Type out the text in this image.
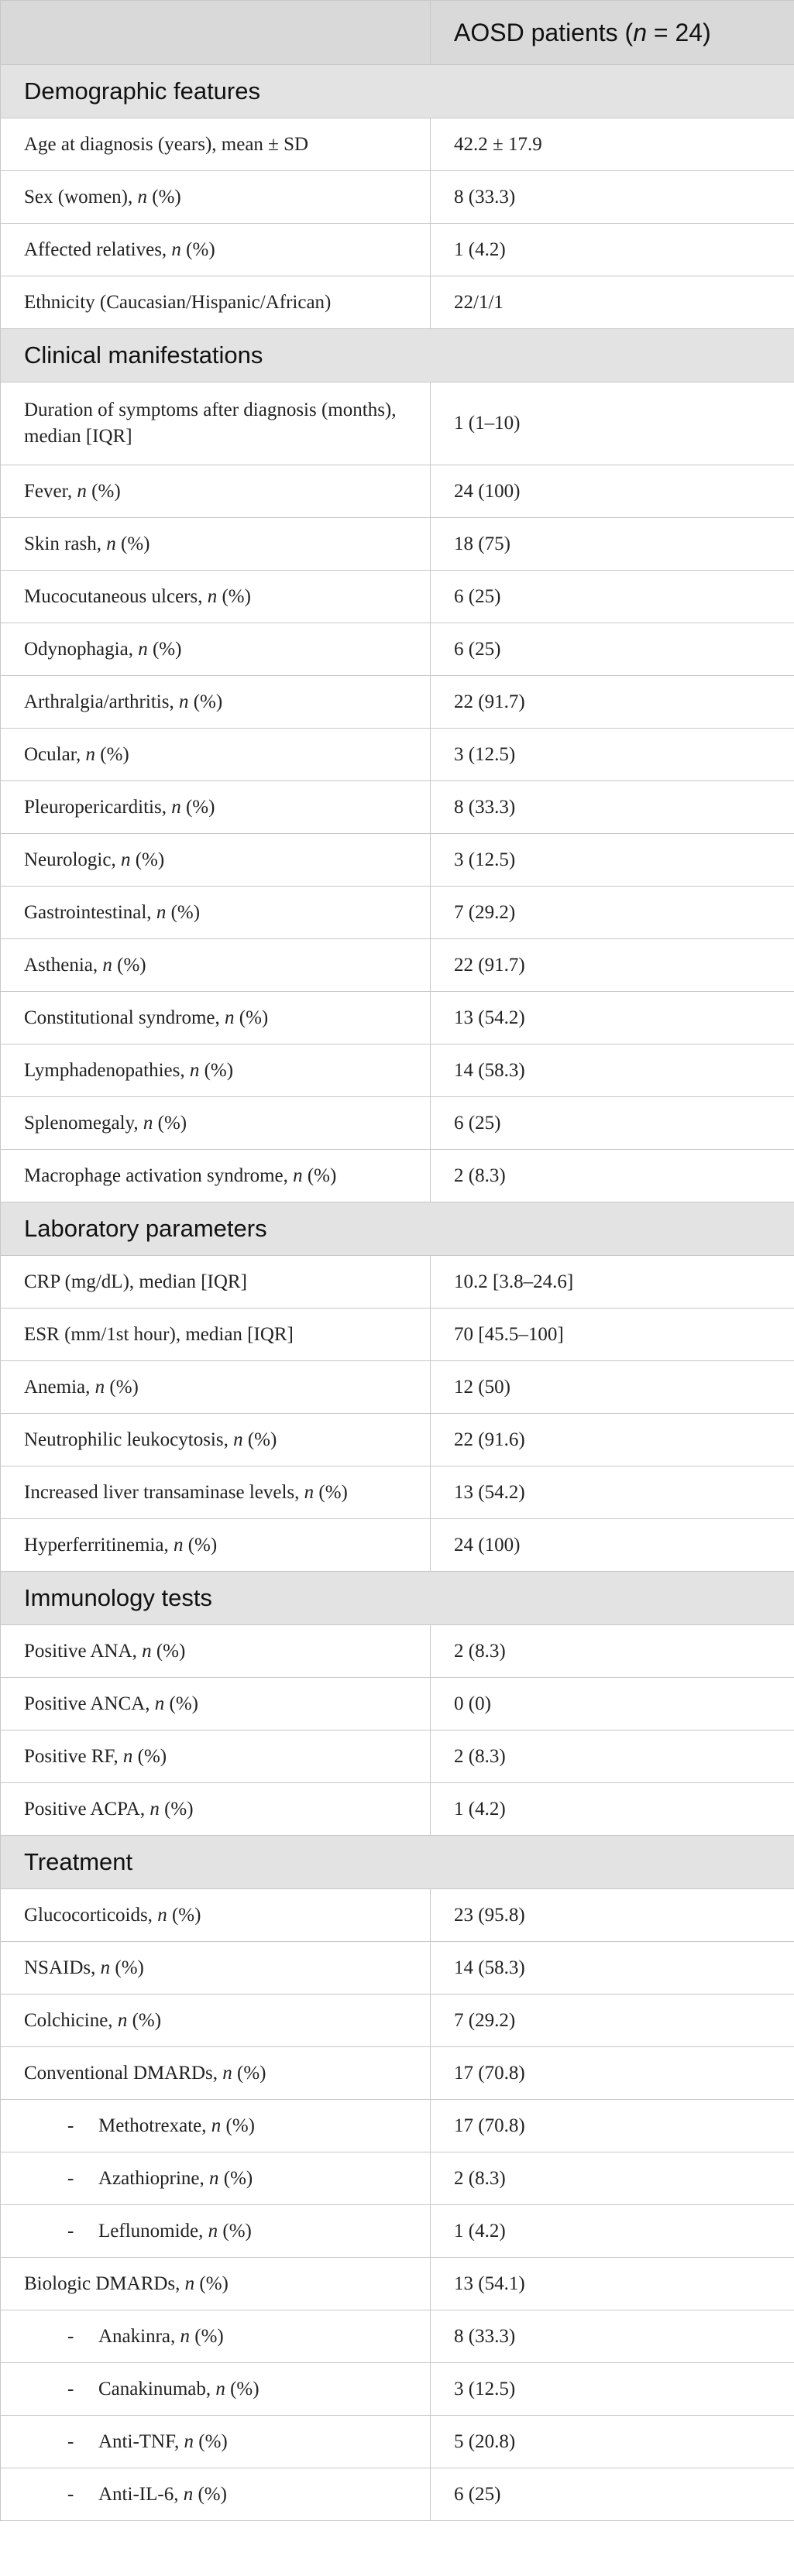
	AOSD patients (n = 24)
Demographic features	
Age at diagnosis (years), mean ± SD	42.2 ± 17.9
Sex (women), n (%)	8 (33.3)
Affected relatives, n (%)	1 (4.2)
Ethnicity (Caucasian/Hispanic/African)	22/1/1
Clinical manifestations	
Duration of symptoms after diagnosis (months), median [IQR]	1 (1–10)
Fever, n (%)	24 (100)
Skin rash, n (%)	18 (75)
Mucocutaneous ulcers, n (%)	6 (25)
Odynophagia, n (%)	6 (25)
Arthralgia/arthritis, n (%)	22 (91.7)
Ocular, n (%)	3 (12.5)
Pleuropericarditis, n (%)	8 (33.3)
Neurologic, n (%)	3 (12.5)
Gastrointestinal, n (%)	7 (29.2)
Asthenia, n (%)	22 (91.7)
Constitutional syndrome, n (%)	13 (54.2)
Lymphadenopathies, n (%)	14 (58.3)
Splenomegaly, n (%)	6 (25)
Macrophage activation syndrome, n (%)	2 (8.3)
Laboratory parameters	
CRP (mg/dL), median [IQR]	10.2 [3.8–24.6]
ESR (mm/1st hour), median [IQR]	70 [45.5–100]
Anemia, n (%)	12 (50)
Neutrophilic leukocytosis, n (%)	22 (91.6)
Increased liver transaminase levels, n (%)	13 (54.2)
Hyperferritinemia, n (%)	24 (100)
Immunology tests	
Positive ANA, n (%)	2 (8.3)
Positive ANCA, n (%)	0 (0)
Positive RF, n (%)	2 (8.3)
Positive ACPA, n (%)	1 (4.2)
Treatment	
Glucocorticoids, n (%)	23 (95.8)
NSAIDs, n (%)	14 (58.3)
Colchicine, n (%)	7 (29.2)
Conventional DMARDs, n (%)	17 (70.8)
- Methotrexate, n (%)	17 (70.8)
- Azathioprine, n (%)	2 (8.3)
- Leflunomide, n (%)	1 (4.2)
Biologic DMARDs, n (%)	13 (54.1)
- Anakinra, n (%)	8 (33.3)
- Canakinumab, n (%)	3 (12.5)
- Anti-TNF, n (%)	5 (20.8)
- Anti-IL-6, n (%)	6 (25)
